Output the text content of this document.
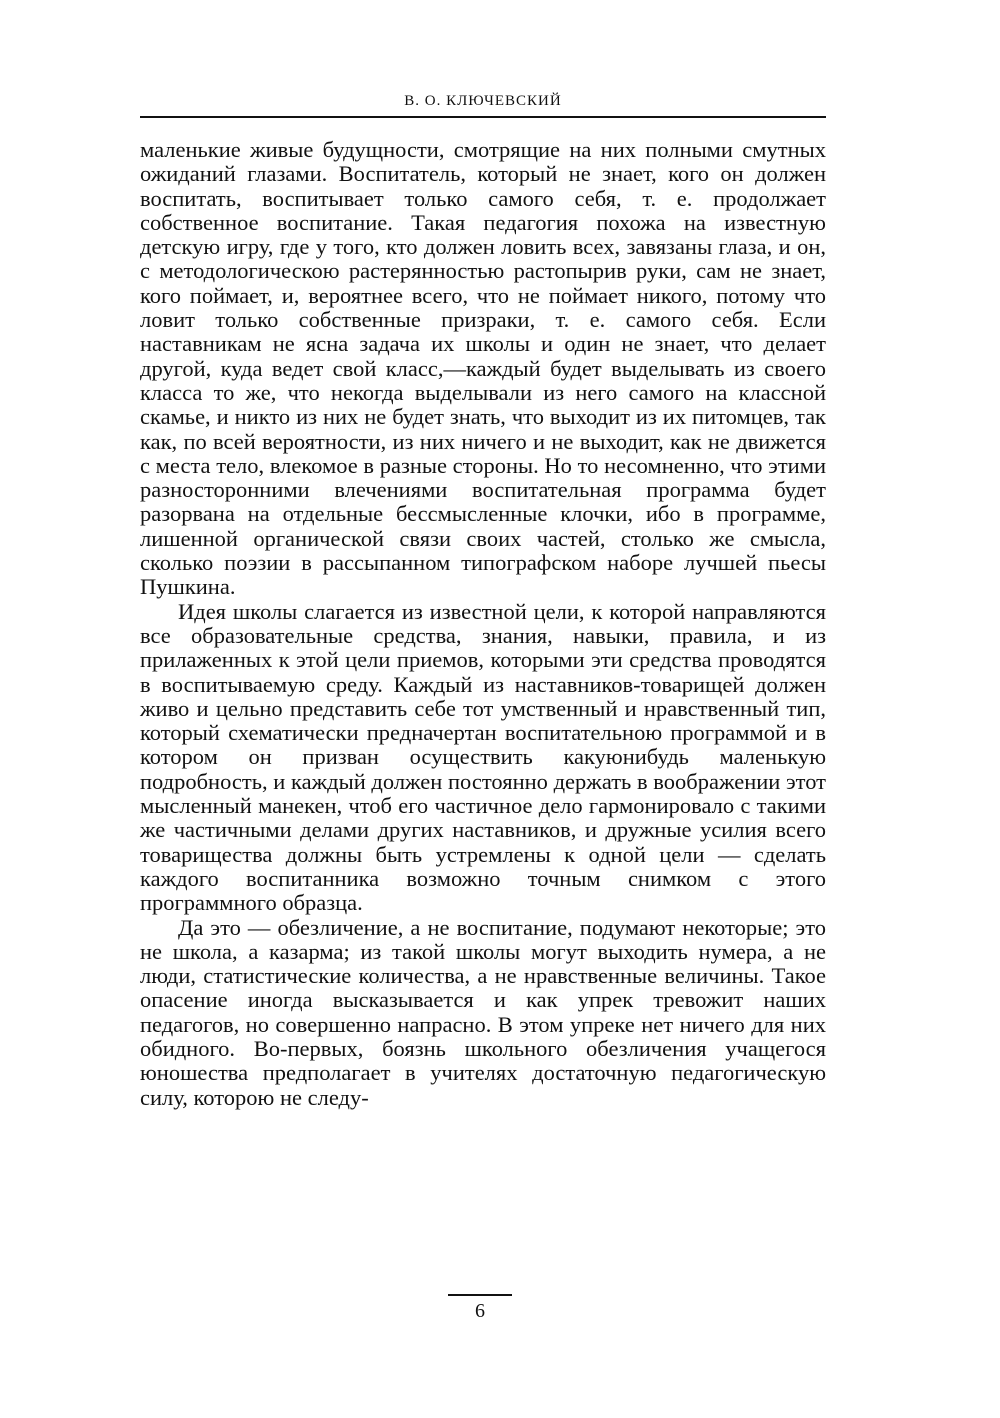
В. О. КЛЮЧЕВСКИЙ

маленькие живые будущности, смотрящие на них полными смутных ожиданий глазами. Воспитатель, который не знает, кого он должен воспитать, воспитывает только самого себя, т. е. продолжает собственное воспитание. Такая педагогия похожа на известную детскую игру, где у того, кто должен ловить всех, завязаны глаза, и он, с методологическою растерянностью растопырив руки, сам не знает, кого поймает, и, вероятнее всего, что не поймает никого, потому что ловит только собственные призраки, т. е. самого себя. Если наставникам не ясна задача их школы и один не знает, что делает другой, куда ведет свой класс,—каждый будет выделывать из своего класса то же, что некогда выделывали из него самого на классной скамье, и никто из них не будет знать, что выходит из их питомцев, так как, по всей вероятности, из них ничего и не выходит, как не движется с места тело, влекомое в разные стороны. Но то несомненно, что этими разносторонними влечениями воспитательная программа будет разорвана на отдельные бессмысленные клочки, ибо в программе, лишенной органической связи своих частей, столько же смысла, сколько поэзии в рассыпанном типографском наборе лучшей пьесы Пушкина.

Идея школы слагается из известной цели, к которой направляются все образовательные средства, знания, навыки, правила, и из прилаженных к этой цели приемов, которыми эти средства проводятся в воспитываемую среду. Каждый из наставников-товарищей должен живо и цельно представить себе тот умственный и нравственный тип, который схематически предначертан воспитательною программой и в котором он призван осуществить какуюнибудь маленькую подробность, и каждый должен постоянно держать в воображении этот мысленный манекен, чтоб его частичное дело гармонировало с такими же частичными делами других наставников, и дружные усилия всего товарищества должны быть устремлены к одной цели — сделать каждого воспитанника возможно точным снимком с этого программного образца.

Да это — обезличение, а не воспитание, подумают некоторые; это не школа, а казарма; из такой школы могут выходить нумера, а не люди, статистические количества, а не нравственные величины. Такое опасение иногда высказывается и как упрек тревожит наших педагогов, но совершенно напрасно. В этом упреке нет ничего для них обидного. Во-первых, боязнь школьного обезличения учащегося юношества предполагает в учителях достаточную педагогическую силу, которою не следу-

6
